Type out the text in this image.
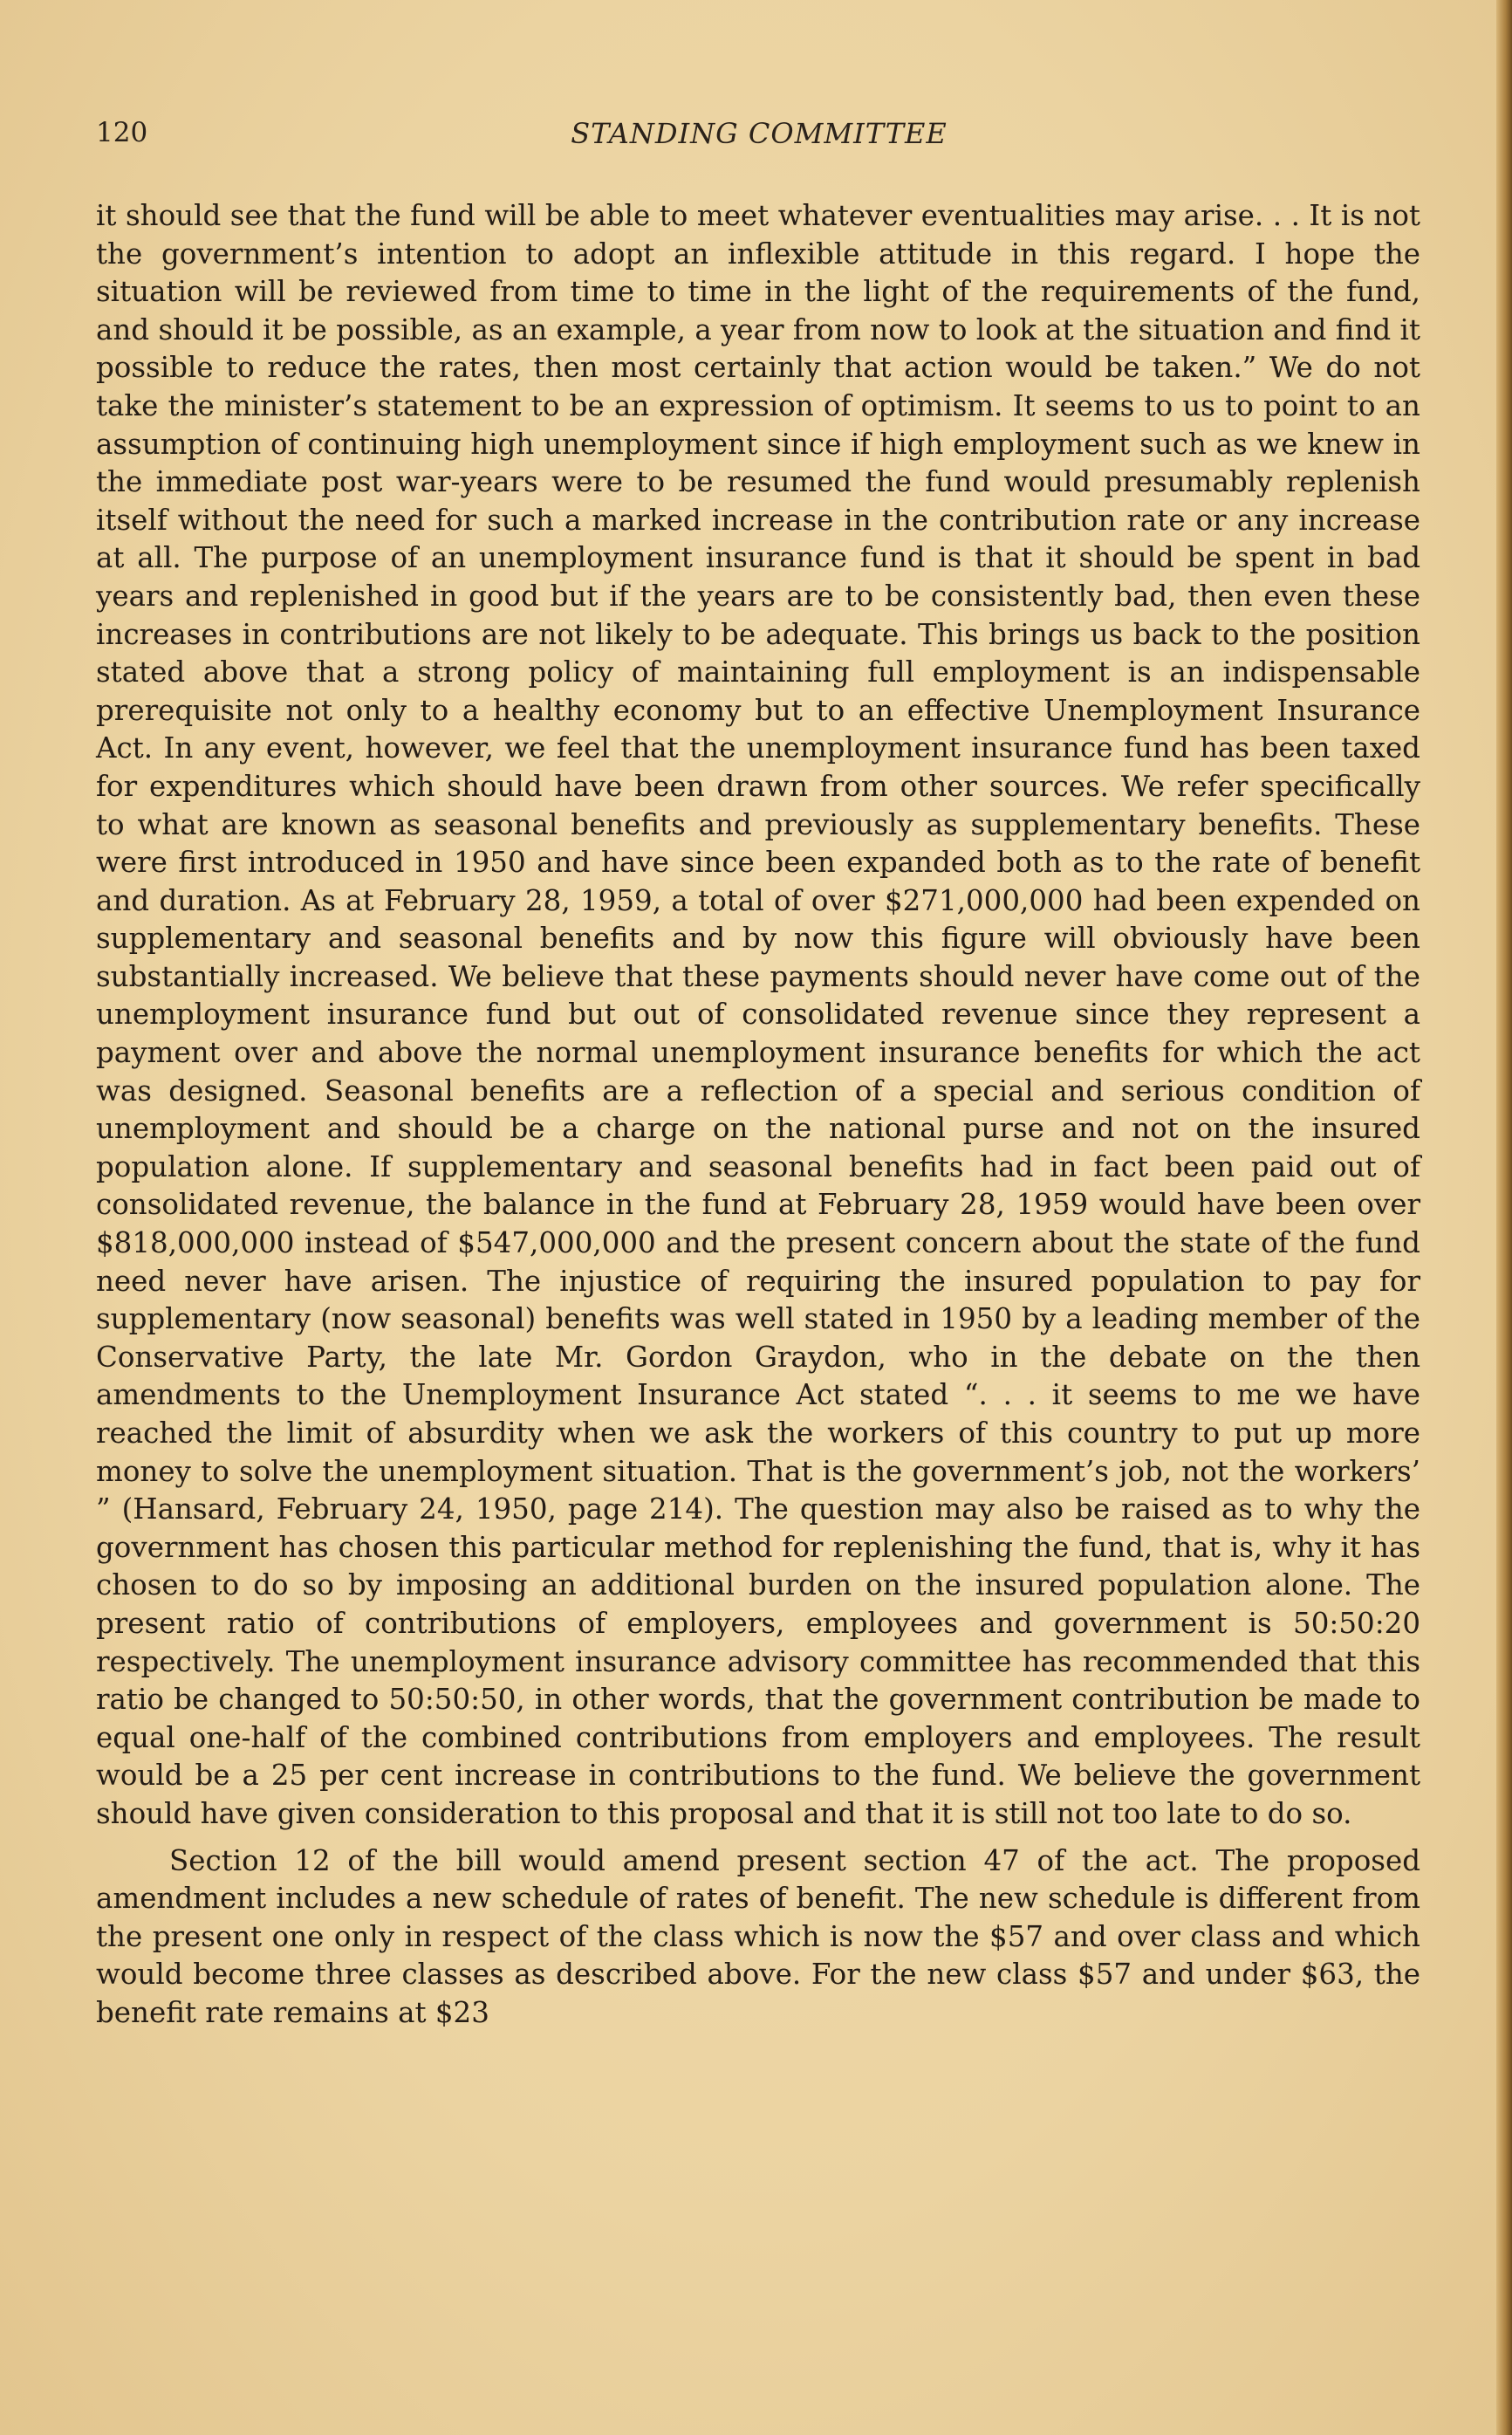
120	STANDING COMMITTEE

it should see that the fund will be able to meet whatever eventualities may arise. . . It is not the government’s intention to adopt an inflexible attitude in this regard. I hope the situation will be reviewed from time to time in the light of the requirements of the fund, and should it be possible, as an example, a year from now to look at the situation and find it possible to reduce the rates, then most certainly that action would be taken.” We do not take the minister’s statement to be an expression of optimism. It seems to us to point to an assumption of continuing high unemployment since if high employment such as we knew in the immediate post war-years were to be resumed the fund would presumably replenish itself without the need for such a marked increase in the contribution rate or any increase at all. The purpose of an unemployment insurance fund is that it should be spent in bad years and replenished in good but if the years are to be consistently bad, then even these increases in contributions are not likely to be adequate. This brings us back to the position stated above that a strong policy of maintaining full employment is an indispensable prerequisite not only to a healthy economy but to an effective Unemployment Insurance Act. In any event, however, we feel that the unemployment insurance fund has been taxed for expenditures which should have been drawn from other sources. We refer specifically to what are known as seasonal benefits and previously as supplementary benefits. These were first introduced in 1950 and have since been expanded both as to the rate of benefit and duration. As at February 28, 1959, a total of over $271,000,000 had been expended on supplementary and seasonal benefits and by now this figure will obviously have been substantially increased. We believe that these payments should never have come out of the unemployment insurance fund but out of consolidated revenue since they represent a payment over and above the normal unemployment insurance benefits for which the act was designed. Seasonal benefits are a reflection of a special and serious condition of unemployment and should be a charge on the national purse and not on the insured population alone. If supplementary and seasonal benefits had in fact been paid out of consolidated revenue, the balance in the fund at February 28, 1959 would have been over $818,000,000 instead of $547,000,000 and the present concern about the state of the fund need never have arisen. The injustice of requiring the insured population to pay for supplementary (now seasonal) benefits was well stated in 1950 by a leading member of the Conservative Party, the late Mr. Gordon Graydon, who in the debate on the then amendments to the Unemployment Insurance Act stated “. . . it seems to me we have reached the limit of absurdity when we ask the workers of this country to put up more money to solve the unemployment situation. That is the government’s job, not the workers’ ” (Hansard, February 24, 1950, page 214). The question may also be raised as to why the government has chosen this particular method for replenishing the fund, that is, why it has chosen to do so by imposing an additional burden on the insured population alone. The present ratio of contributions of employers, employees and government is 50:50:20 respectively. The unemployment insurance advisory committee has recommended that this ratio be changed to 50:50:50, in other words, that the government contribution be made to equal one-half of the combined contributions from employers and employees. The result would be a 25 per cent increase in contributions to the fund. We believe the government should have given consideration to this proposal and that it is still not too late to do so.

Section 12 of the bill would amend present section 47 of the act. The proposed amendment includes a new schedule of rates of benefit. The new schedule is different from the present one only in respect of the class which is now the $57 and over class and which would become three classes as described above. For the new class $57 and under $63, the benefit rate remains at $23
